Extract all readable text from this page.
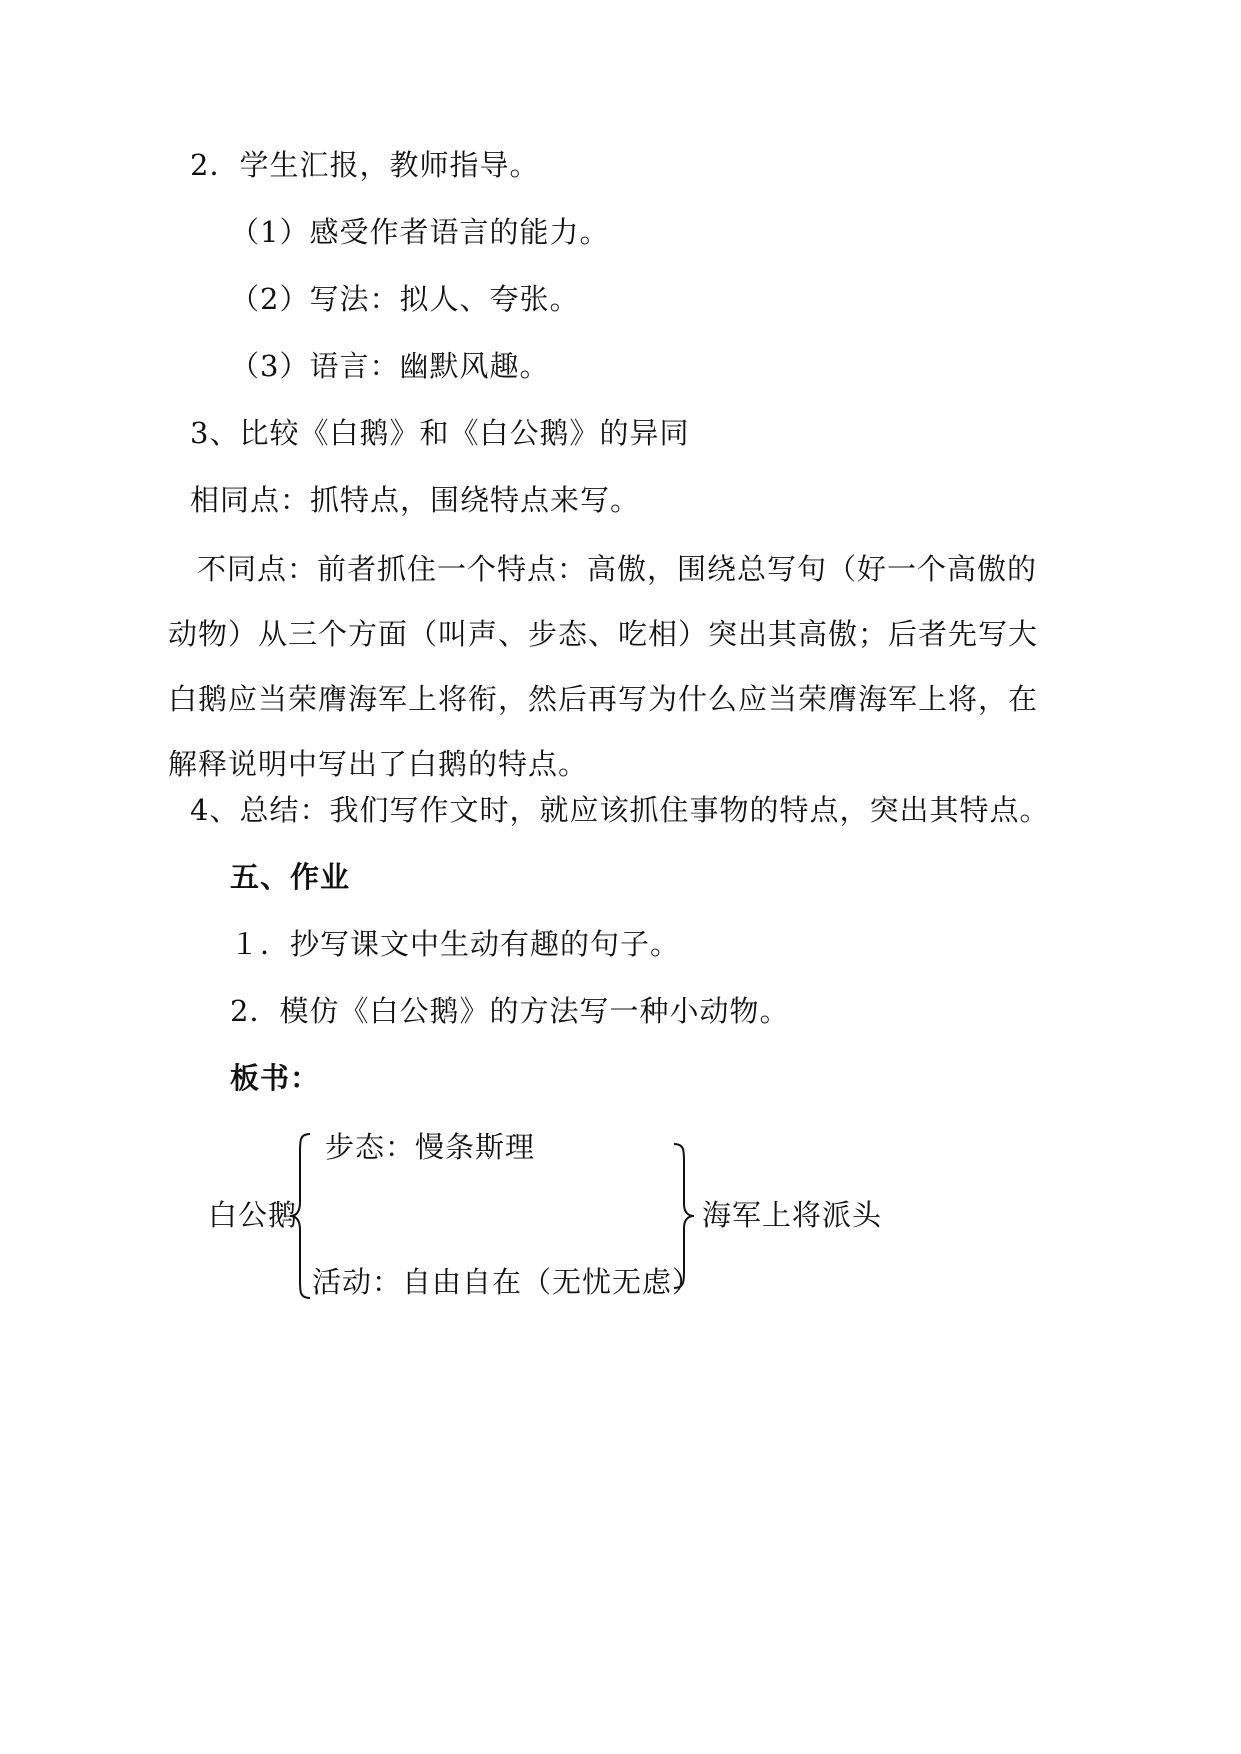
2．学生汇报，教师指导。
（1）感受作者语言的能力。
（2）写法：拟人、夸张。
（3）语言：幽默风趣。
3、比较《白鹅》和《白公鹅》的异同
相同点：抓特点，围绕特点来写。
不同点：前者抓住一个特点：高傲，围绕总写句（好一个高傲的动物）从三个方面（叫声、步态、吃相）突出其高傲；后者先写大白鹅应当荣膺海军上将衔，然后再写为什么应当荣膺海军上将，在解释说明中写出了白鹅的特点。
4、总结：我们写作文时，就应该抓住事物的特点，突出其特点。
五、作业
１．抄写课文中生动有趣的句子。
2．模仿《白公鹅》的方法写一种小动物。
板书：
白公鹅
步态：慢条斯理
活动：自由自在（无忧无虑）
海军上将派头
